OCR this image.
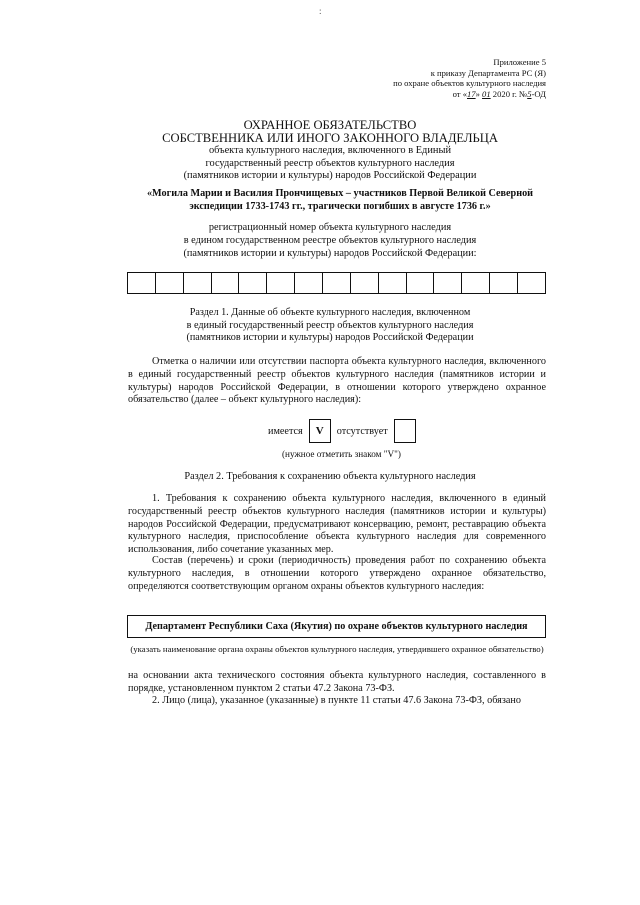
:
Приложение 5
к приказу Департамента РС (Я)
по охране объектов культурного наследия
от «17» 01 2020 г. №5-ОД
ОХРАННОЕ ОБЯЗАТЕЛЬСТВО
СОБСТВЕННИКА ИЛИ ИНОГО ЗАКОННОГО ВЛАДЕЛЬЦА
объекта культурного наследия, включенного в Единый
государственный реестр объектов культурного наследия
(памятников истории и культуры) народов Российской Федерации
«Могила Марии и Василия Прончищевых – участников Первой Великой Северной
экспедиции 1733-1743 гг., трагически погибших в августе 1736 г.»
регистрационный номер объекта культурного наследия
в едином государственном реестре объектов культурного наследия
(памятников истории и культуры) народов Российской Федерации:
Раздел 1. Данные об объекте культурного наследия, включенном
в единый государственный реестр объектов культурного наследия
(памятников истории и культуры) народов Российской Федерации
Отметка о наличии или отсутствии паспорта объекта культурного наследия, включенного в единый государственный реестр объектов культурного наследия (памятников истории и культуры) народов Российской Федерации, в отношении которого утверждено охранное обязательство (далее – объект культурного наследия):
имеется	V	отсутствует
(нужное отметить знаком "V")
Раздел 2. Требования к сохранению объекта культурного наследия
1. Требования к сохранению объекта культурного наследия, включенного в единый государственный реестр объектов культурного наследия (памятников истории и культуры) народов Российской Федерации, предусматривают консервацию, ремонт, реставрацию объекта культурного наследия, приспособление объекта культурного наследия для современного использования, либо сочетание указанных мер.
Состав (перечень) и сроки (периодичность) проведения работ по сохранению объекта культурного наследия, в отношении которого утверждено охранное обязательство, определяются соответствующим органом охраны объектов культурного наследия:
Департамент Республики Саха (Якутия) по охране объектов культурного наследия
(указать наименование органа охраны объектов культурного наследия, утвердившего охранное обязательство)
на основании акта технического состояния объекта культурного наследия, составленного в порядке, установленном пунктом 2 статьи 47.2 Закона 73-ФЗ.
2. Лицо (лица), указанное (указанные) в пункте 11 статьи 47.6 Закона 73-ФЗ, обязано
